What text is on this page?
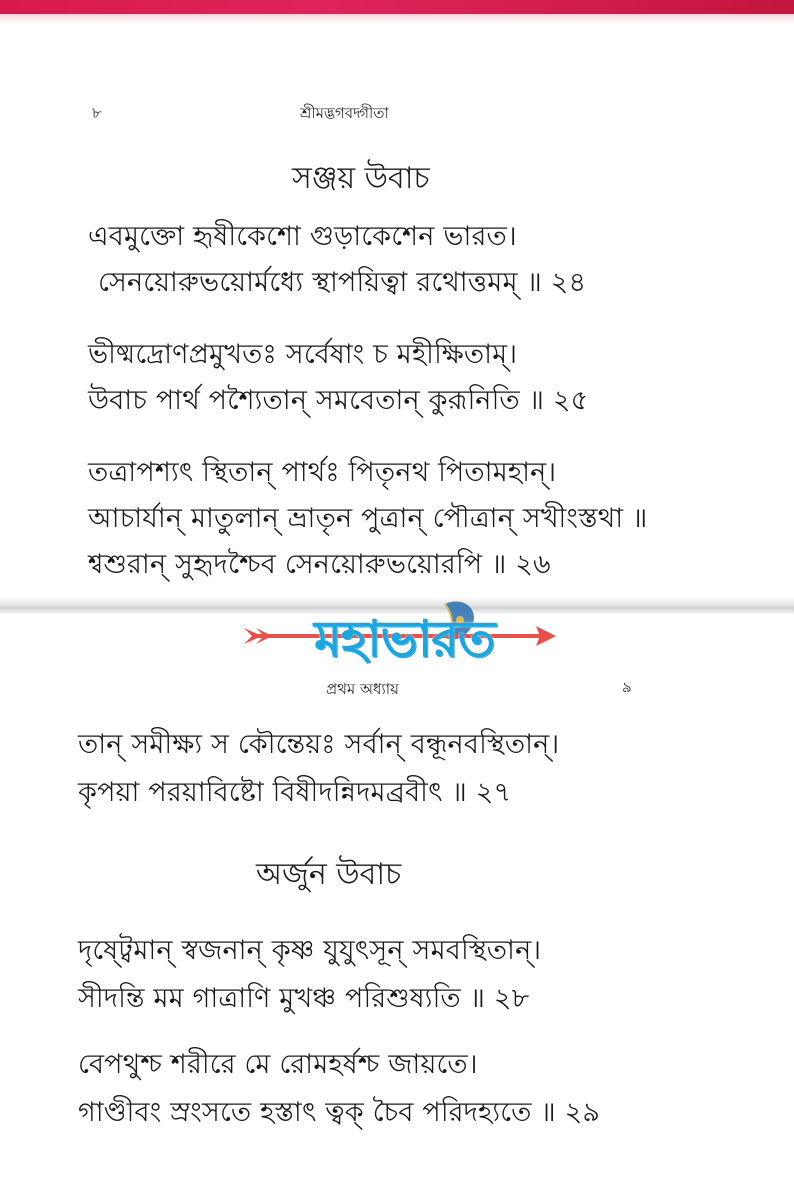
৮	শ্রীমদ্ভগবদ্গীতা
সঞ্জয় উবাচ
এবমুক্তো হৃষীকেশো গুড়াকেশেন ভারত।
সেনয়োরুভয়োর্মধ্যে স্থাপয়িত্বা রথোত্তমম্ ॥ ২৪
ভীষ্মদ্রোণপ্রমুখতঃ সর্বেষাং চ মহীক্ষিতাম্।
উবাচ পার্থ পশ্যৈতান্ সমবেতান্ কুরূনিতি ॥ ২৫
তত্রাপশ্যৎ স্থিতান্ পার্থঃ পিতৃনথ পিতামহান্।
আচার্যান্ মাতুলান্ ভ্রাতৃন পুত্রান্ পৌত্রান্ সখীংস্তথা ॥
শ্বশুরান্ সুহৃদশ্চৈব সেনয়োরুভয়োরপি ॥ ২৬
প্রথম অধ্যায়	৯
তান্ সমীক্ষ্য স কৌন্তেয়ঃ সর্বান্ বন্ধূনবস্থিতান্।
কৃপয়া পরয়াবিষ্টো বিষীদন্নিদমব্রবীৎ ॥ ২৭
অর্জুন উবাচ
দৃষ্ট্বেমান্ স্বজনান্ কৃষ্ণ যুযুৎসূন্ সমবস্থিতান্।
সীদন্তি মম গাত্রাণি মুখঞ্চ পরিশুষ্যতি ॥ ২৮
বেপথুশ্চ শরীরে মে রোমহর্ষশ্চ জায়তে।
গাণ্ডীবং স্রংসতে হস্তাৎ ত্বক্ চৈব পরিদহ্যতে ॥ ২৯
মহাভারত
